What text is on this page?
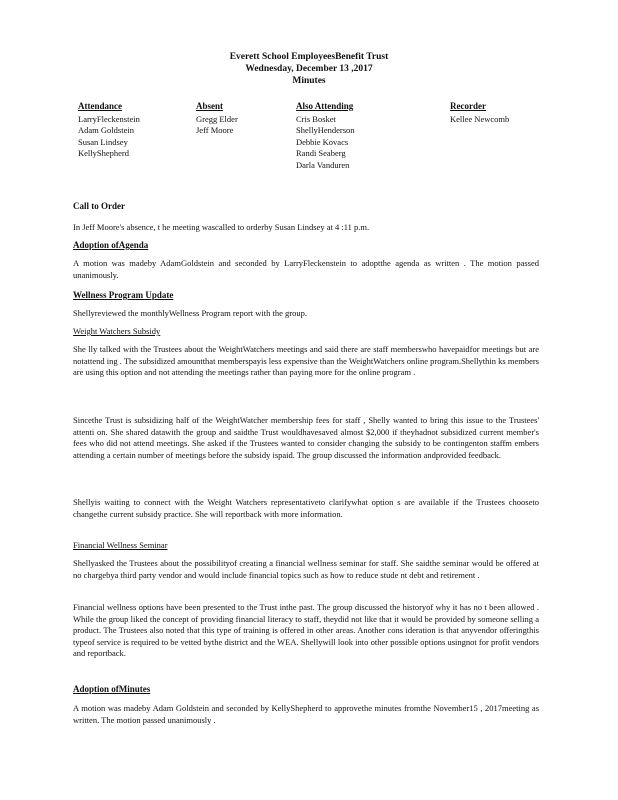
Everett School EmployeesBenefit Trust
Wednesday, December 13 ,2017
Minutes
Attendance
LarryFleckenstein
Adam Goldstein
Susan Lindsey
KellyShepherd
Absent
Gregg Elder
Jeff Moore
Also Attending
Cris Bosket
ShellyHenderson
Debbie Kovacs
Randi Seaberg
Darla Vanduren
Recorder
Kellee Newcomb
Call to Order
In Jeff Moore's absence, t he meeting wascalled to orderby Susan Lindsey at 4 :11 p.m.
Adoption ofAgenda
A motion was madeby AdamGoldstein and seconded by LarryFleckenstein to adoptthe agenda as written . The motion passed unanimously.
Wellness Program Update
Shellyreviewed the monthlyWellness Program report with the group.
Weight Watchers Subsidy
She lly talked with the Trustees about the WeightWatchers meetings and said there are staff memberswho havepaidfor meetings but are notattend ing . The subsidized amountthat memberspayis less expensive than the WeightWatchers online program.Shellythin ks members are using this option and not attending the meetings rather than paying more for the online program .
Sincethe Trust is subsidizing half of the WeightWatcher membership fees for staff , Shelly wanted to bring this issue to the Trustees' attenti on. She shared datawith the group and saidthe Trust wouldhavesaved almost $2,000 if theyhadnot subsidized current member's fees who did not attend meetings. She asked if the Trustees wanted to consider changing the subsidy to be contingenton staffm embers attending a certain number of meetings before the subsidy ispaid. The group discussed the information andprovided feedback.
Shellyis waiting to connect with the Weight Watchers representativeto clarifywhat option s are available if the Trustees chooseto changethe current subsidy practice. She will reportback with more information.
Financial Wellness Seminar
Shellyasked the Trustees about the possibilityof creating a financial wellness seminar for staff. She saidthe seminar would be offered at no chargebya third party vendor and would include financial topics such as how to reduce stude nt debt and retirement .
Financial wellness options have been presented to the Trust inthe past. The group discussed the historyof why it has no t been allowed . While the group liked the concept of providing financial literacy to staff, theydid not like that it would be provided by someone selling a product. The Trustees also noted that this type of training is offered in other areas. Another cons ideration is that anyvendor offeringthis typeof service is required to be vetted bythe district and the WEA. Shellywill look into other possible options usingnot for profit vendors and reportback.
Adoption ofMinutes
A motion was madeby Adam Goldstein and seconded by KellyShepherd to approvethe minutes fromthe November15 , 2017meeting as written. The motion passed unanimously .
